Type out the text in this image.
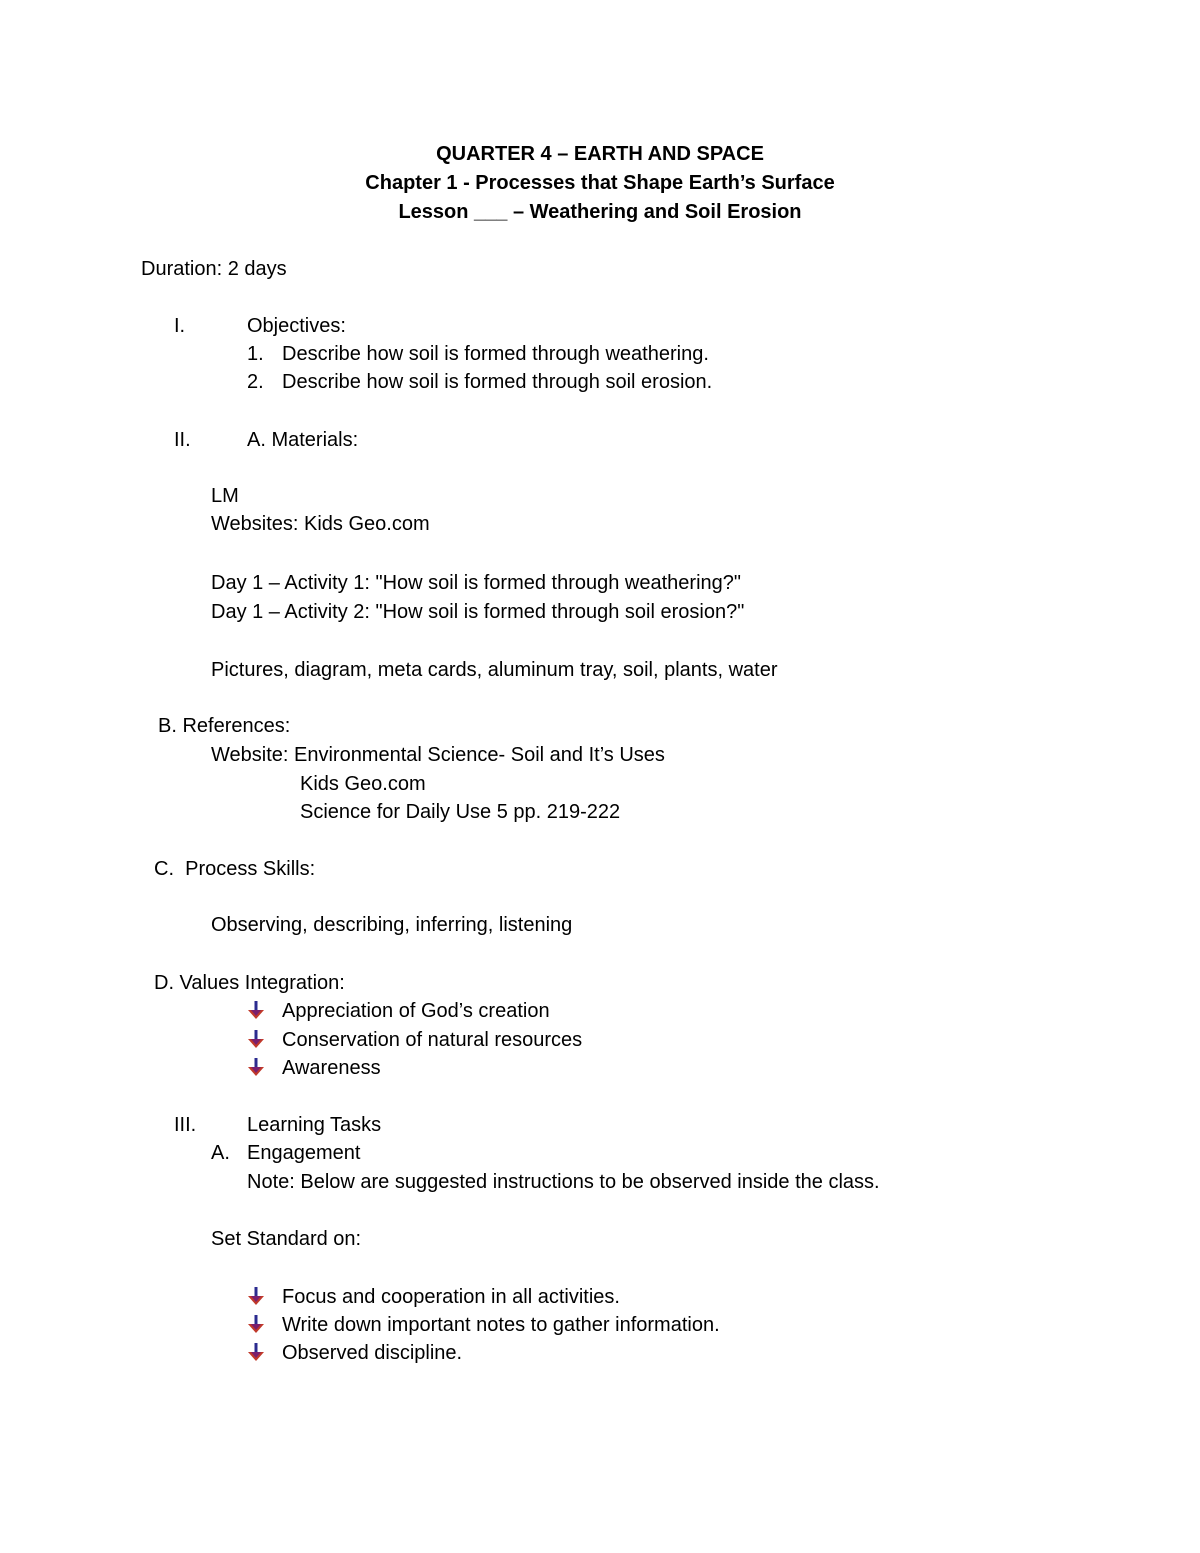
QUARTER 4 – EARTH AND SPACE
Chapter 1 - Processes that Shape Earth’s Surface
Lesson ___ – Weathering and Soil Erosion
Duration: 2 days
I.	Objectives:
1. Describe how soil is formed through weathering.
2. Describe how soil is formed through soil erosion.
II.	A. Materials:
LM
Websites: Kids Geo.com
Day 1 – Activity 1: "How soil is formed through weathering?"
Day 1 – Activity 2: "How soil is formed through soil erosion?"
Pictures, diagram, meta cards, aluminum tray, soil, plants, water
B. References:
Website: Environmental Science- Soil and It’s Uses
Kids Geo.com
Science for Daily Use 5 pp. 219-222
C.  Process Skills:
Observing, describing, inferring, listening
D. Values Integration:
Appreciation of God’s creation
Conservation of natural resources
Awareness
III.	Learning Tasks
A. Engagement
Note: Below are suggested instructions to be observed inside the class.
Set Standard on:
Focus and cooperation in all activities.
Write down important notes to gather information.
Observed discipline.
